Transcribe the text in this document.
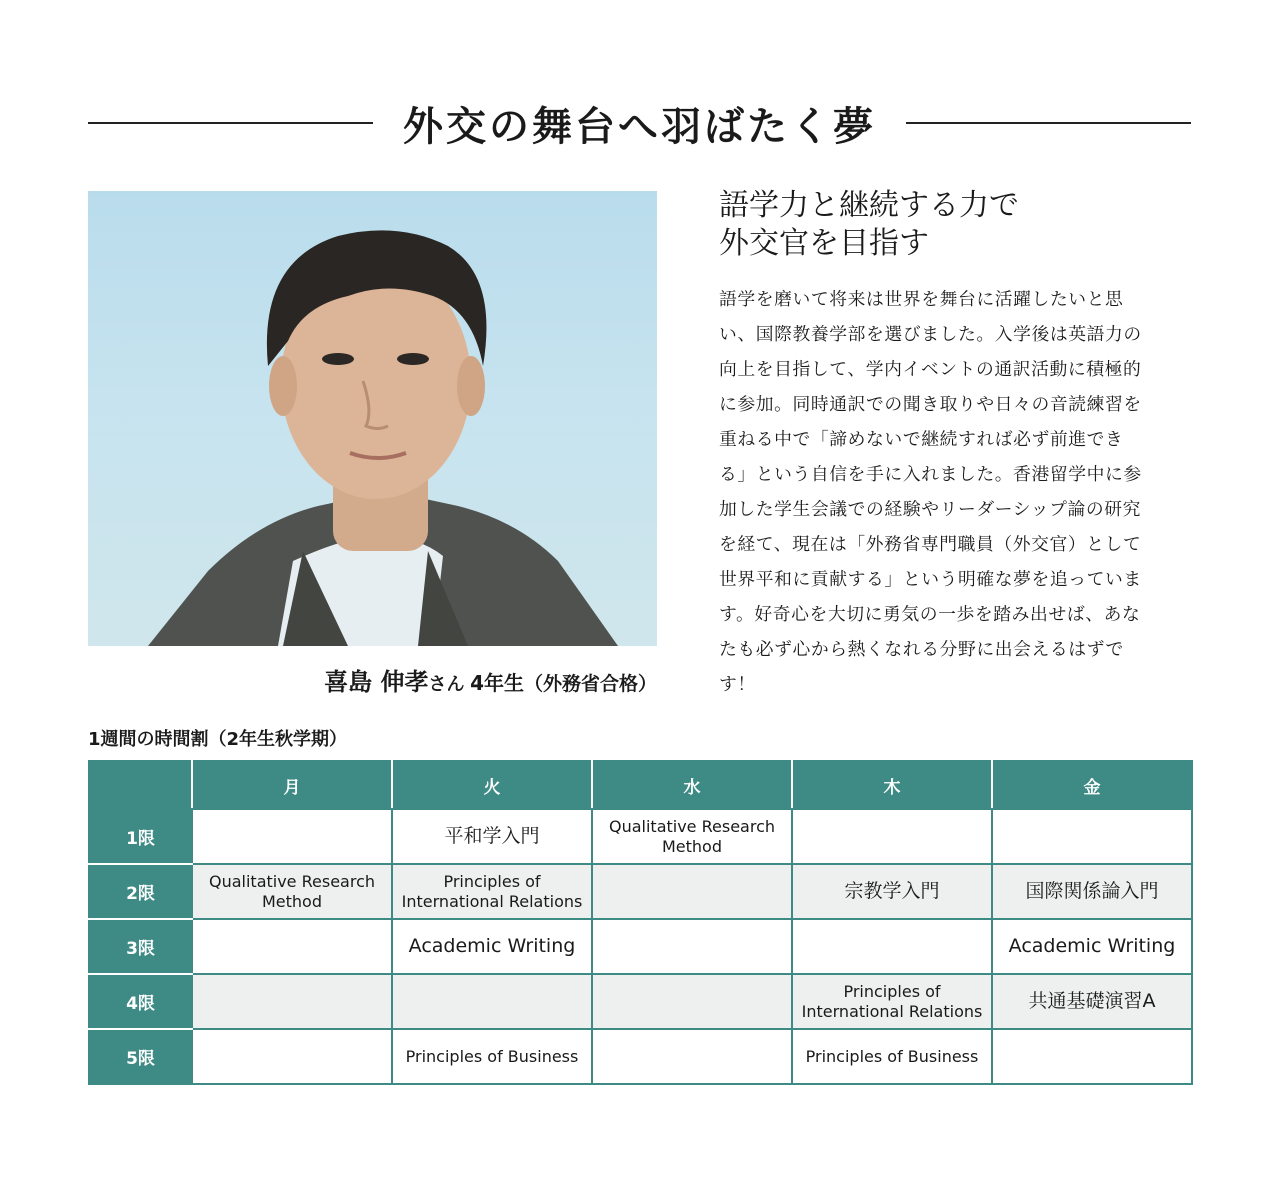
外交の舞台へ羽ばたく夢
喜島 伸孝さん 4年生（外務省合格）
語学力と継続する力で
外交官を目指す
語学を磨いて将来は世界を舞台に活躍したいと思
い、国際教養学部を選びました。入学後は英語力の
向上を目指して、学内イベントの通訳活動に積極的
に参加。同時通訳での聞き取りや日々の音読練習を
重ねる中で「諦めないで継続すれば必ず前進でき
る」という自信を手に入れました。香港留学中に参
加した学生会議での経験やリーダーシップ論の研究
を経て、現在は「外務省専門職員（外交官）として
世界平和に貢献する」という明確な夢を追っていま
す。好奇心を大切に勇気の一歩を踏み出せば、あな
たも必ず心から熱くなれる分野に出会えるはずで
す！
1週間の時間割（2年生秋学期）
	月	火	水	木	金
1限		平和学入門	Qualitative Research Method		
2限	Qualitative Research Method	Principles of International Relations		宗教学入門	国際関係論入門
3限		Academic Writing			Academic Writing
4限				Principles of International Relations	共通基礎演習A
5限		Principles of Business		Principles of Business	
